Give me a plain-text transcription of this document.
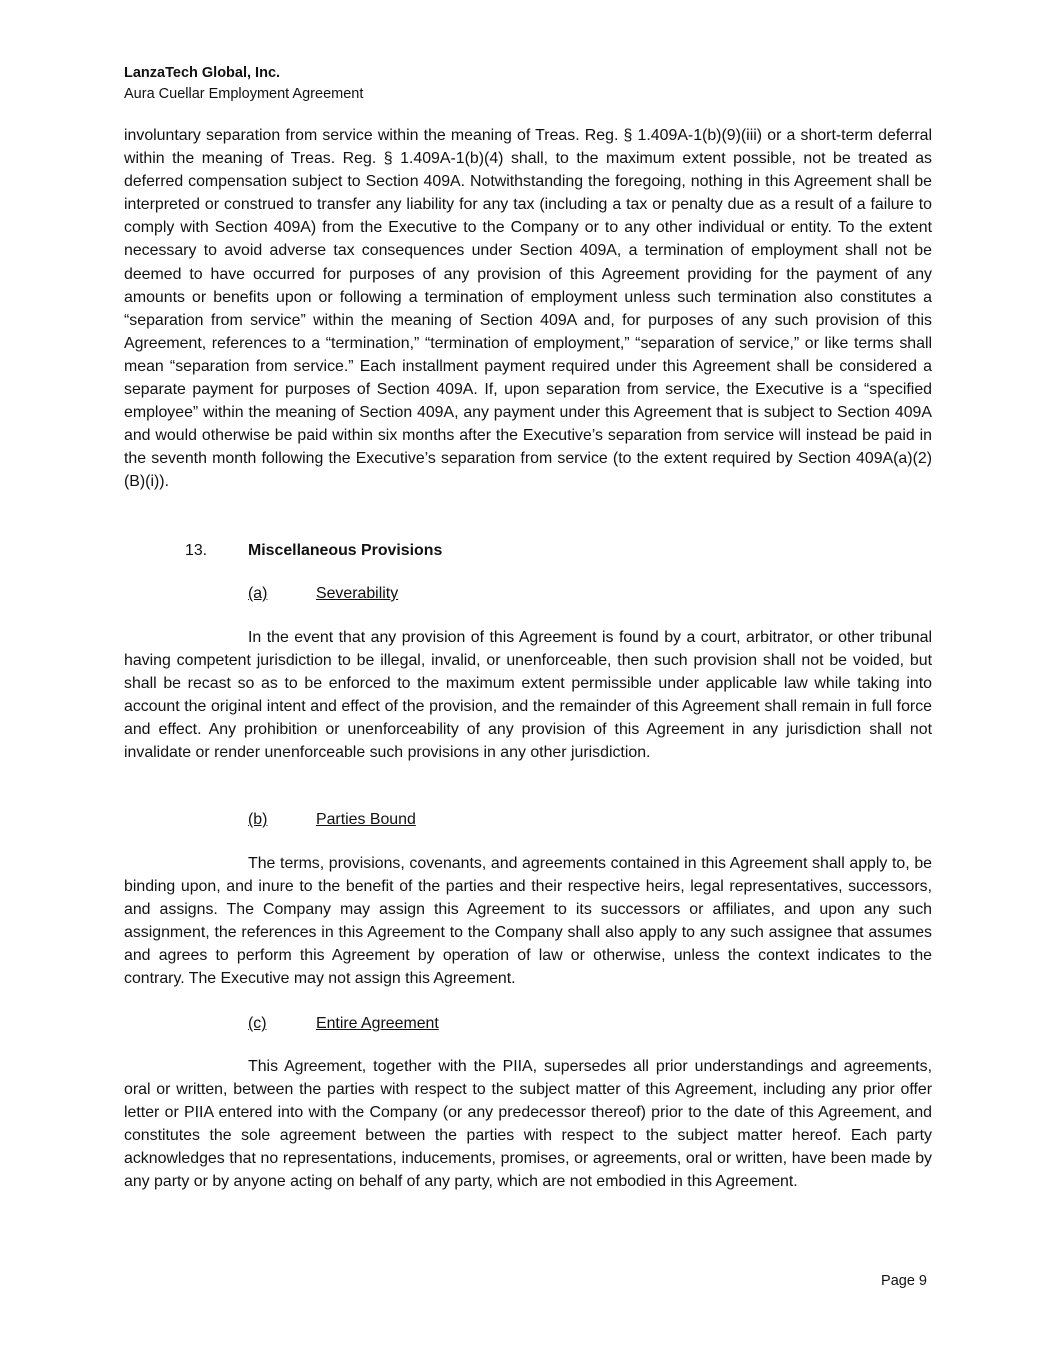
LanzaTech Global, Inc.
Aura Cuellar Employment Agreement

involuntary separation from service within the meaning of Treas. Reg. § 1.409A-1(b)(9)(iii) or a short-term deferral within the meaning of Treas. Reg. § 1.409A-1(b)(4) shall, to the maximum extent possible, not be treated as deferred compensation subject to Section 409A. Notwithstanding the foregoing, nothing in this Agreement shall be interpreted or construed to transfer any liability for any tax (including a tax or penalty due as a result of a failure to comply with Section 409A) from the Executive to the Company or to any other individual or entity. To the extent necessary to avoid adverse tax consequences under Section 409A, a termination of employment shall not be deemed to have occurred for purposes of any provision of this Agreement providing for the payment of any amounts or benefits upon or following a termination of employment unless such termination also constitutes a “separation from service” within the meaning of Section 409A and, for purposes of any such provision of this Agreement, references to a “termination,” “termination of employment,” “separation of service,” or like terms shall mean “separation from service.” Each installment payment required under this Agreement shall be considered a separate payment for purposes of Section 409A. If, upon separation from service, the Executive is a “specified employee” within the meaning of Section 409A, any payment under this Agreement that is subject to Section 409A and would otherwise be paid within six months after the Executive’s separation from service will instead be paid in the seventh month following the Executive’s separation from service (to the extent required by Section 409A(a)(2)(B)(i)).

13.	Miscellaneous Provisions
(a)	Severability

In the event that any provision of this Agreement is found by a court, arbitrator, or other tribunal having competent jurisdiction to be illegal, invalid, or unenforceable, then such provision shall not be voided, but shall be recast so as to be enforced to the maximum extent permissible under applicable law while taking into account the original intent and effect of the provision, and the remainder of this Agreement shall remain in full force and effect. Any prohibition or unenforceability of any provision of this Agreement in any jurisdiction shall not invalidate or render unenforceable such provisions in any other jurisdiction.

(b)	Parties Bound

The terms, provisions, covenants, and agreements contained in this Agreement shall apply to, be binding upon, and inure to the benefit of the parties and their respective heirs, legal representatives, successors, and assigns. The Company may assign this Agreement to its successors or affiliates, and upon any such assignment, the references in this Agreement to the Company shall also apply to any such assignee that assumes and agrees to perform this Agreement by operation of law or otherwise, unless the context indicates to the contrary. The Executive may not assign this Agreement.

(c)	Entire Agreement

This Agreement, together with the PIIA, supersedes all prior understandings and agreements, oral or written, between the parties with respect to the subject matter of this Agreement, including any prior offer letter or PIIA entered into with the Company (or any predecessor thereof) prior to the date of this Agreement, and constitutes the sole agreement between the parties with respect to the subject matter hereof. Each party acknowledges that no representations, inducements, promises, or agreements, oral or written, have been made by any party or by anyone acting on behalf of any party, which are not embodied in this Agreement.

Page 9
